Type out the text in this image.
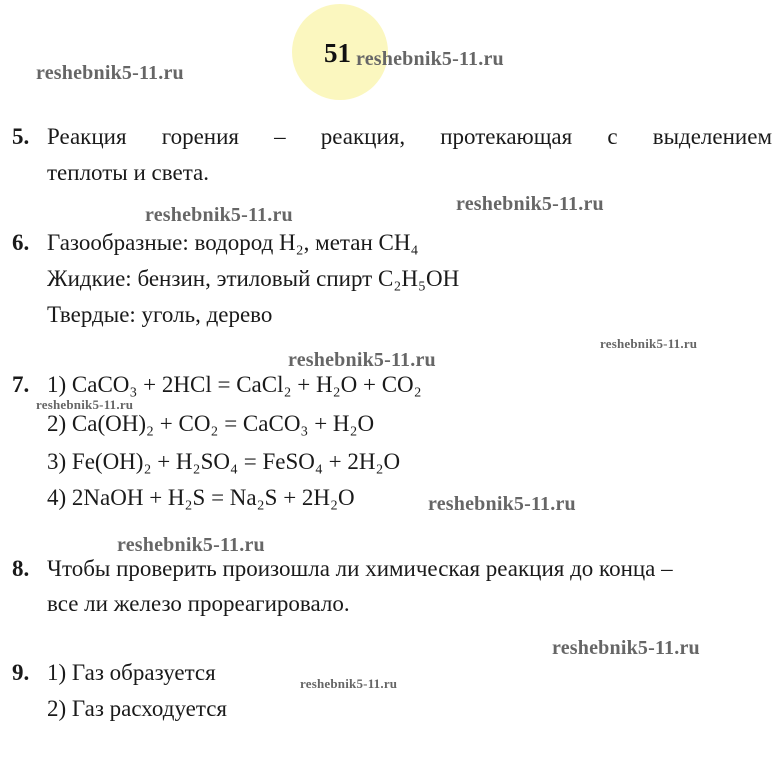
51
reshebnik5-11.ru
reshebnik5-11.ru
reshebnik5-11.ru	reshebnik5-11.ru
reshebnik5-11.ru
reshebnik5-11.ru
reshebnik5-11.ru
reshebnik5-11.ru
reshebnik5-11.ru
reshebnik5-11.ru
reshebnik5-11.ru
5. Реакция горения – реакция, протекающая с выделением
теплоты и света.
6. Газообразные: водород H₂, метан CH₄
Жидкие: бензин, этиловый спирт C₂H₅OH
Твердые: уголь, дерево
7. 1) CaCO₃ + 2HCl = CaCl₂ + H₂O + CO₂
2) Ca(OH)₂ + CO₂ = CaCO₃ + H₂O
3) Fe(OH)₂ + H₂SO₄ = FeSO₄ + 2H₂O
4) 2NaOH + H₂S = Na₂S + 2H₂O
8. Чтобы проверить произошла ли химическая реакция до конца –
все ли железо прореагировало.
9. 1) Газ образуется
2) Газ расходуется
